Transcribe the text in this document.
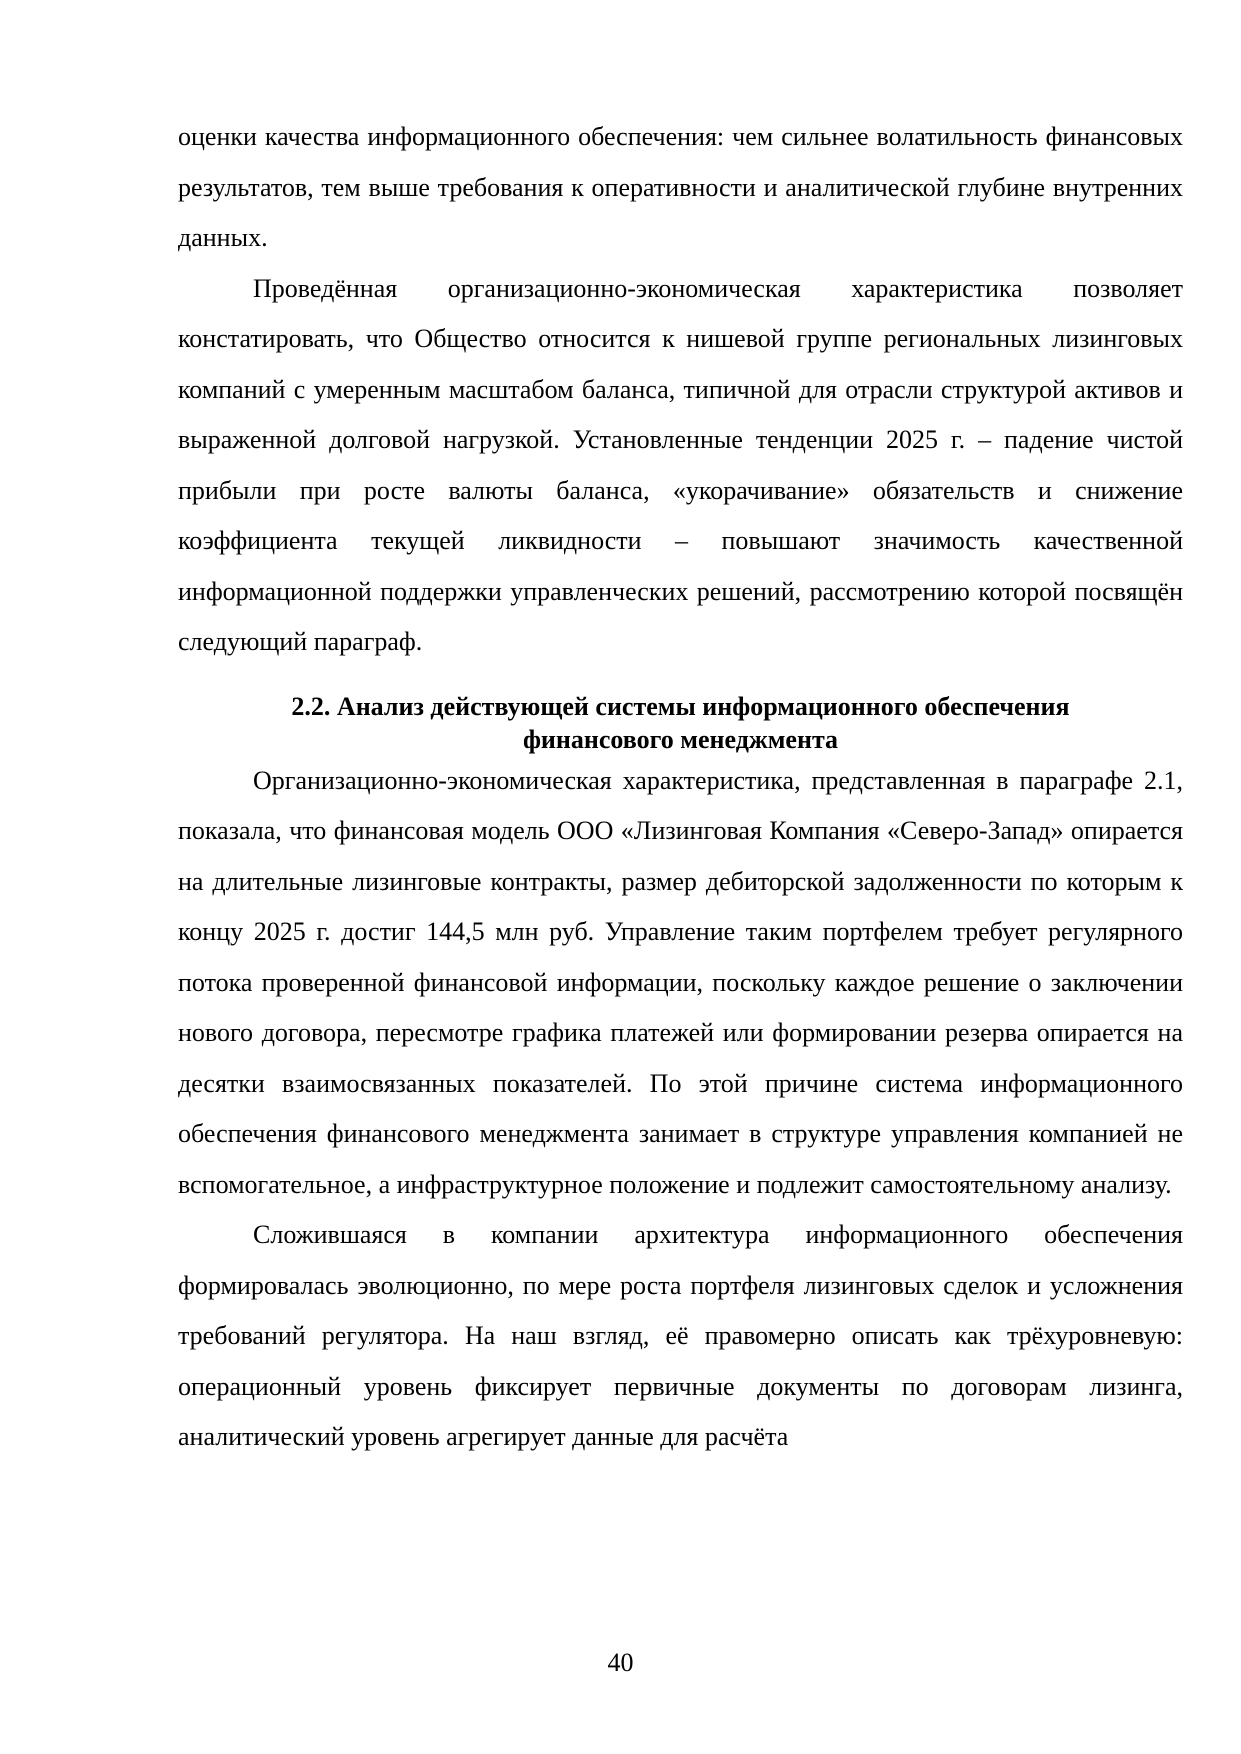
оценки качества информационного обеспечения: чем сильнее волатильность финансовых результатов, тем выше требования к оперативности и аналитической глубине внутренних данных.

Проведённая организационно-экономическая характеристика позволяет констатировать, что Общество относится к нишевой группе региональных лизинговых компаний с умеренным масштабом баланса, типичной для отрасли структурой активов и выраженной долговой нагрузкой. Установленные тенденции 2025 г. – падение чистой прибыли при росте валюты баланса, «укорачивание» обязательств и снижение коэффициента текущей ликвидности – повышают значимость качественной информационной поддержки управленческих решений, рассмотрению которой посвящён следующий параграф.

2.2. Анализ действующей системы информационного обеспечения финансового менеджмента

Организационно-экономическая характеристика, представленная в параграфе 2.1, показала, что финансовая модель ООО «Лизинговая Компания «Северо-Запад» опирается на длительные лизинговые контракты, размер дебиторской задолженности по которым к концу 2025 г. достиг 144,5 млн руб. Управление таким портфелем требует регулярного потока проверенной финансовой информации, поскольку каждое решение о заключении нового договора, пересмотре графика платежей или формировании резерва опирается на десятки взаимосвязанных показателей. По этой причине система информационного обеспечения финансового менеджмента занимает в структуре управления компанией не вспомогательное, а инфраструктурное положение и подлежит самостоятельному анализу.

Сложившаяся в компании архитектура информационного обеспечения формировалась эволюционно, по мере роста портфеля лизинговых сделок и усложнения требований регулятора. На наш взгляд, её правомерно описать как трёхуровневую: операционный уровень фиксирует первичные документы по договорам лизинга, аналитический уровень агрегирует данные для расчёта

40
